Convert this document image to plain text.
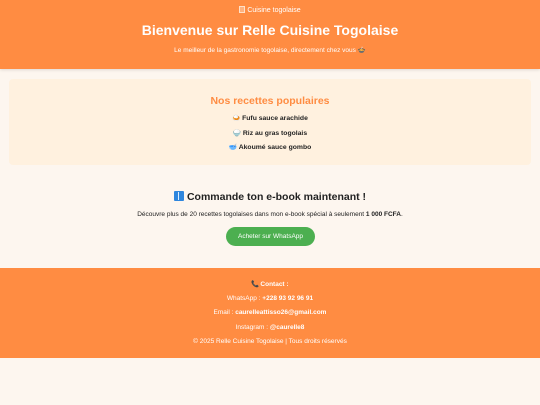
Cuisine togolaise
Bienvenue sur Relle Cuisine Togolaise

Le meilleur de la gastronomie togolaise, directement chez vous 🍲

Nos recettes populaires
🍛 Fufu sauce arachide
🍚 Riz au gras togolais
🥣 Akoumé sauce gombo
Commande ton e-book maintenant !

Découvre plus de 20 recettes togolaises dans mon e-book spécial à seulement 1 000 FCFA.

Acheter sur WhatsApp
📞Contact :
WhatsApp : +228 93 92 96 91
Email : caurelleattisso26@gmail.com
Instagram : @caurelle8
© 2025 Relle Cuisine Togolaise | Tous droits réservés
